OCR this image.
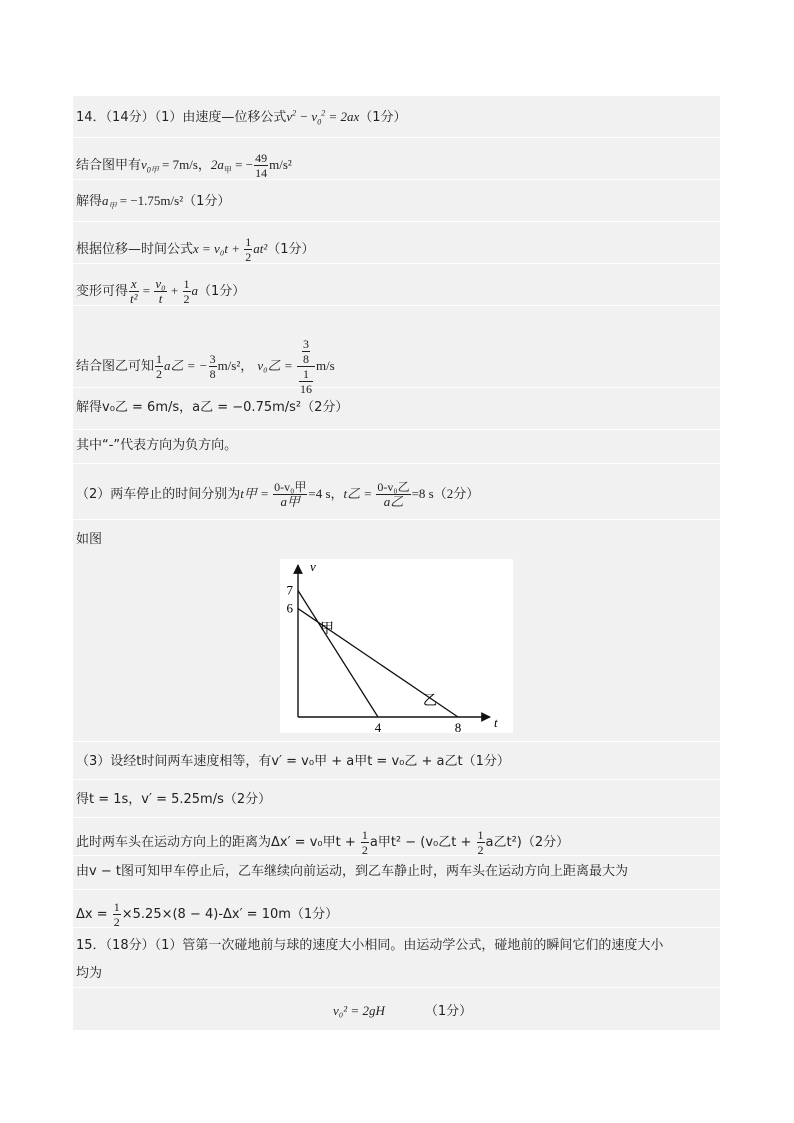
14．（14分）（1）由速度—位移公式$v^2 - v_0^2 = 2ax(1$分）
结合图甲有$v_{0甲} = 7m/s$，$2a_甲$ = − $\frac{49}{14} m/s^2$
解得$a_甲 = -1.75m/s^2(1$分）
根据位移—时间公式$x = v_0t + \frac{1}{2} at^2(1$分）
变形可得 $\frac{x}{\text{t²}} = \frac{\text{v₀}}{t} + \frac{1}{2} a(1$分）
结合图乙可知 $\frac{1}{2}$ a乙 = − $\frac{3}{8} m/s^2$， v₀乙 = $\frac{\frac{3}{8}}{\frac{1}{16}} m/s$
解得v₀乙 = 6m/s，a乙 = −0.75m/s²（2分）
其中“-”代表方向为负方向。
（2）两车停止的时间分别为t甲 = $\frac{\text{0-v₀甲}}{\text{a甲}} =4$ s，t乙 = $\frac{\text{0-v₀乙}}{\text{a乙}} =8$ s（2分）
如图
v
t
4	8
7
6
甲
乙
（3）设经t时间两车速度相等，有v′ = v₀甲 + a甲t = v₀乙 + a乙t（1分）
得t = 1s，v′ = 5.25m/s（2分）
此时两车头在运动方向上的距离为Δx′ = v₀甲$t + \frac{1}{2}$ a甲t² − (v₀乙$t + \frac{1}{2}$ a乙t²)（2分）
由v − t图可知甲车停止后，乙车继续向前运动，到乙车静止时，两车头在运动方向上距离最大为
$\Delta x = \frac{1}{2} \times 5.25\times(8 - 4)-\Delta x' = 10m(1$分）
15．（18分）（1）管第一次碰地前与球的速度大小相同。由运动学公式，碰地前的瞬间它们的速度大小
均为
v₀² = 2gH	（1分）
